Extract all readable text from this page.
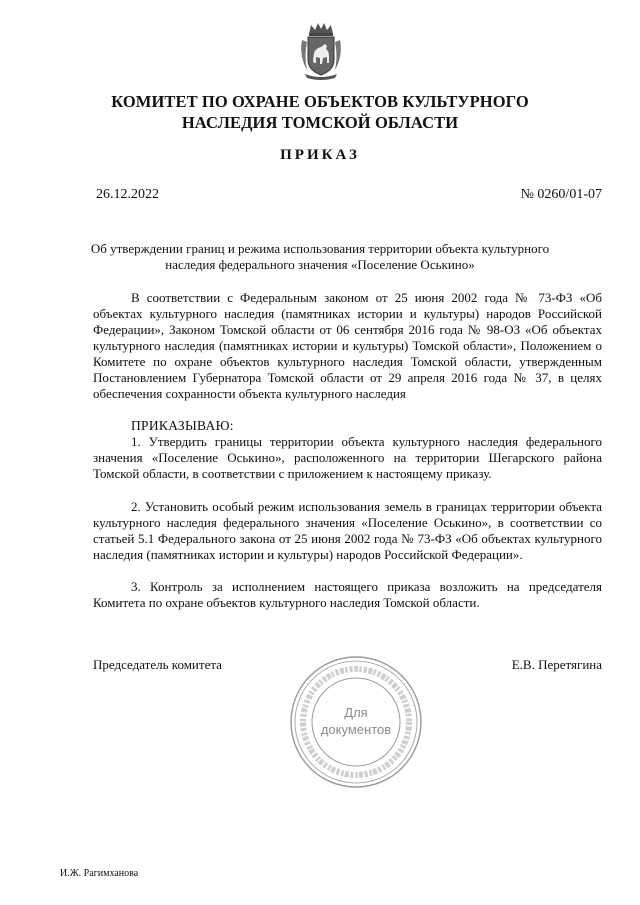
КОМИТЕТ ПО ОХРАНЕ ОБЪЕКТОВ КУЛЬТУРНОГО
НАСЛЕДИЯ ТОМСКОЙ ОБЛАСТИ
ПРИКАЗ
26.12.2022	№ 0260/01-07
Об утверждении границ и режима использования территории объекта культурного наследия федерального значения «Поселение Оськино»
В соответствии с Федеральным законом от 25 июня 2002 года № 73-ФЗ «Об объектах культурного наследия (памятниках истории и культуры) народов Российской Федерации», Законом Томской области от 06 сентября 2016 года № 98-ОЗ «Об объектах культурного наследия (памятниках истории и культуры) Томской области», Положением о Комитете по охране объектов культурного наследия Томской области, утвержденным Постановлением Губернатора Томской области от 29 апреля 2016 года № 37, в целях обеспечения сохранности объекта культурного наследия
ПРИКАЗЫВАЮ:
1. Утвердить границы территории объекта культурного наследия федерального значения «Поселение Оськино», расположенного на территории Шегарского района Томской области, в соответствии с приложением к настоящему приказу.
2. Установить особый режим использования земель в границах территории объекта культурного наследия федерального значения «Поселение Оськино», в соответствии со статьей 5.1 Федерального закона от 25 июня 2002 года № 73-ФЗ «Об объектах культурного наследия (памятниках истории и культуры) народов Российской Федерации».
3. Контроль за исполнением настоящего приказа возложить на председателя Комитета по охране объектов культурного наследия Томской области.
Председатель комитета	Е.В. Перетягина
Для
документов
И.Ж. Рагимханова
